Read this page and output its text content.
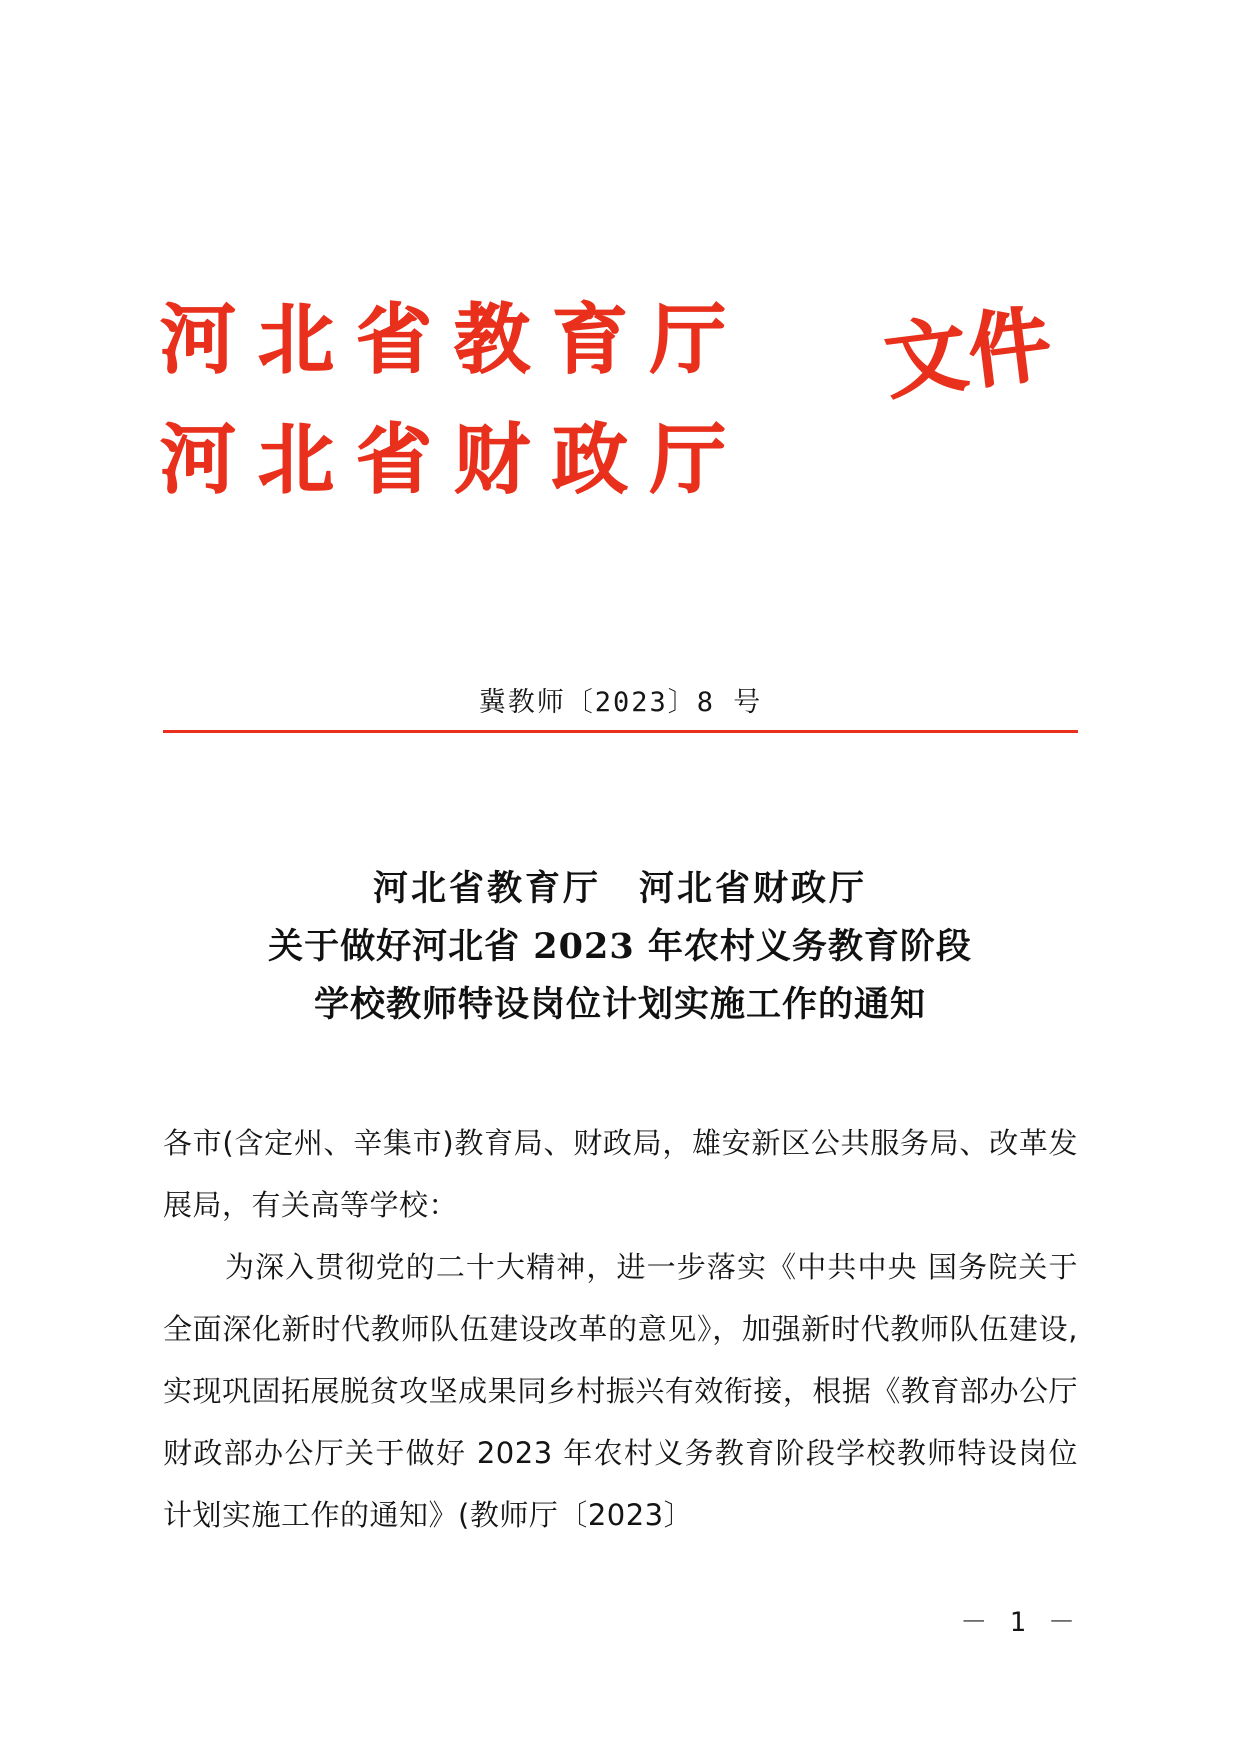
河北省教育厅
河北省财政厅
文件
冀教师〔2023〕8 号
河北省教育厅　河北省财政厅
关于做好河北省 2023 年农村义务教育阶段
学校教师特设岗位计划实施工作的通知

各市(含定州、辛集市)教育局、财政局，雄安新区公共服务局、改革发展局，有关高等学校：

为深入贯彻党的二十大精神，进一步落实《中共中央 国务院关于全面深化新时代教师队伍建设改革的意见》，加强新时代教师队伍建设,实现巩固拓展脱贫攻坚成果同乡村振兴有效衔接，根据《教育部办公厅 财政部办公厅关于做好 2023 年农村义务教育阶段学校教师特设岗位计划实施工作的通知》(教师厅〔2023〕

－ 1 －
